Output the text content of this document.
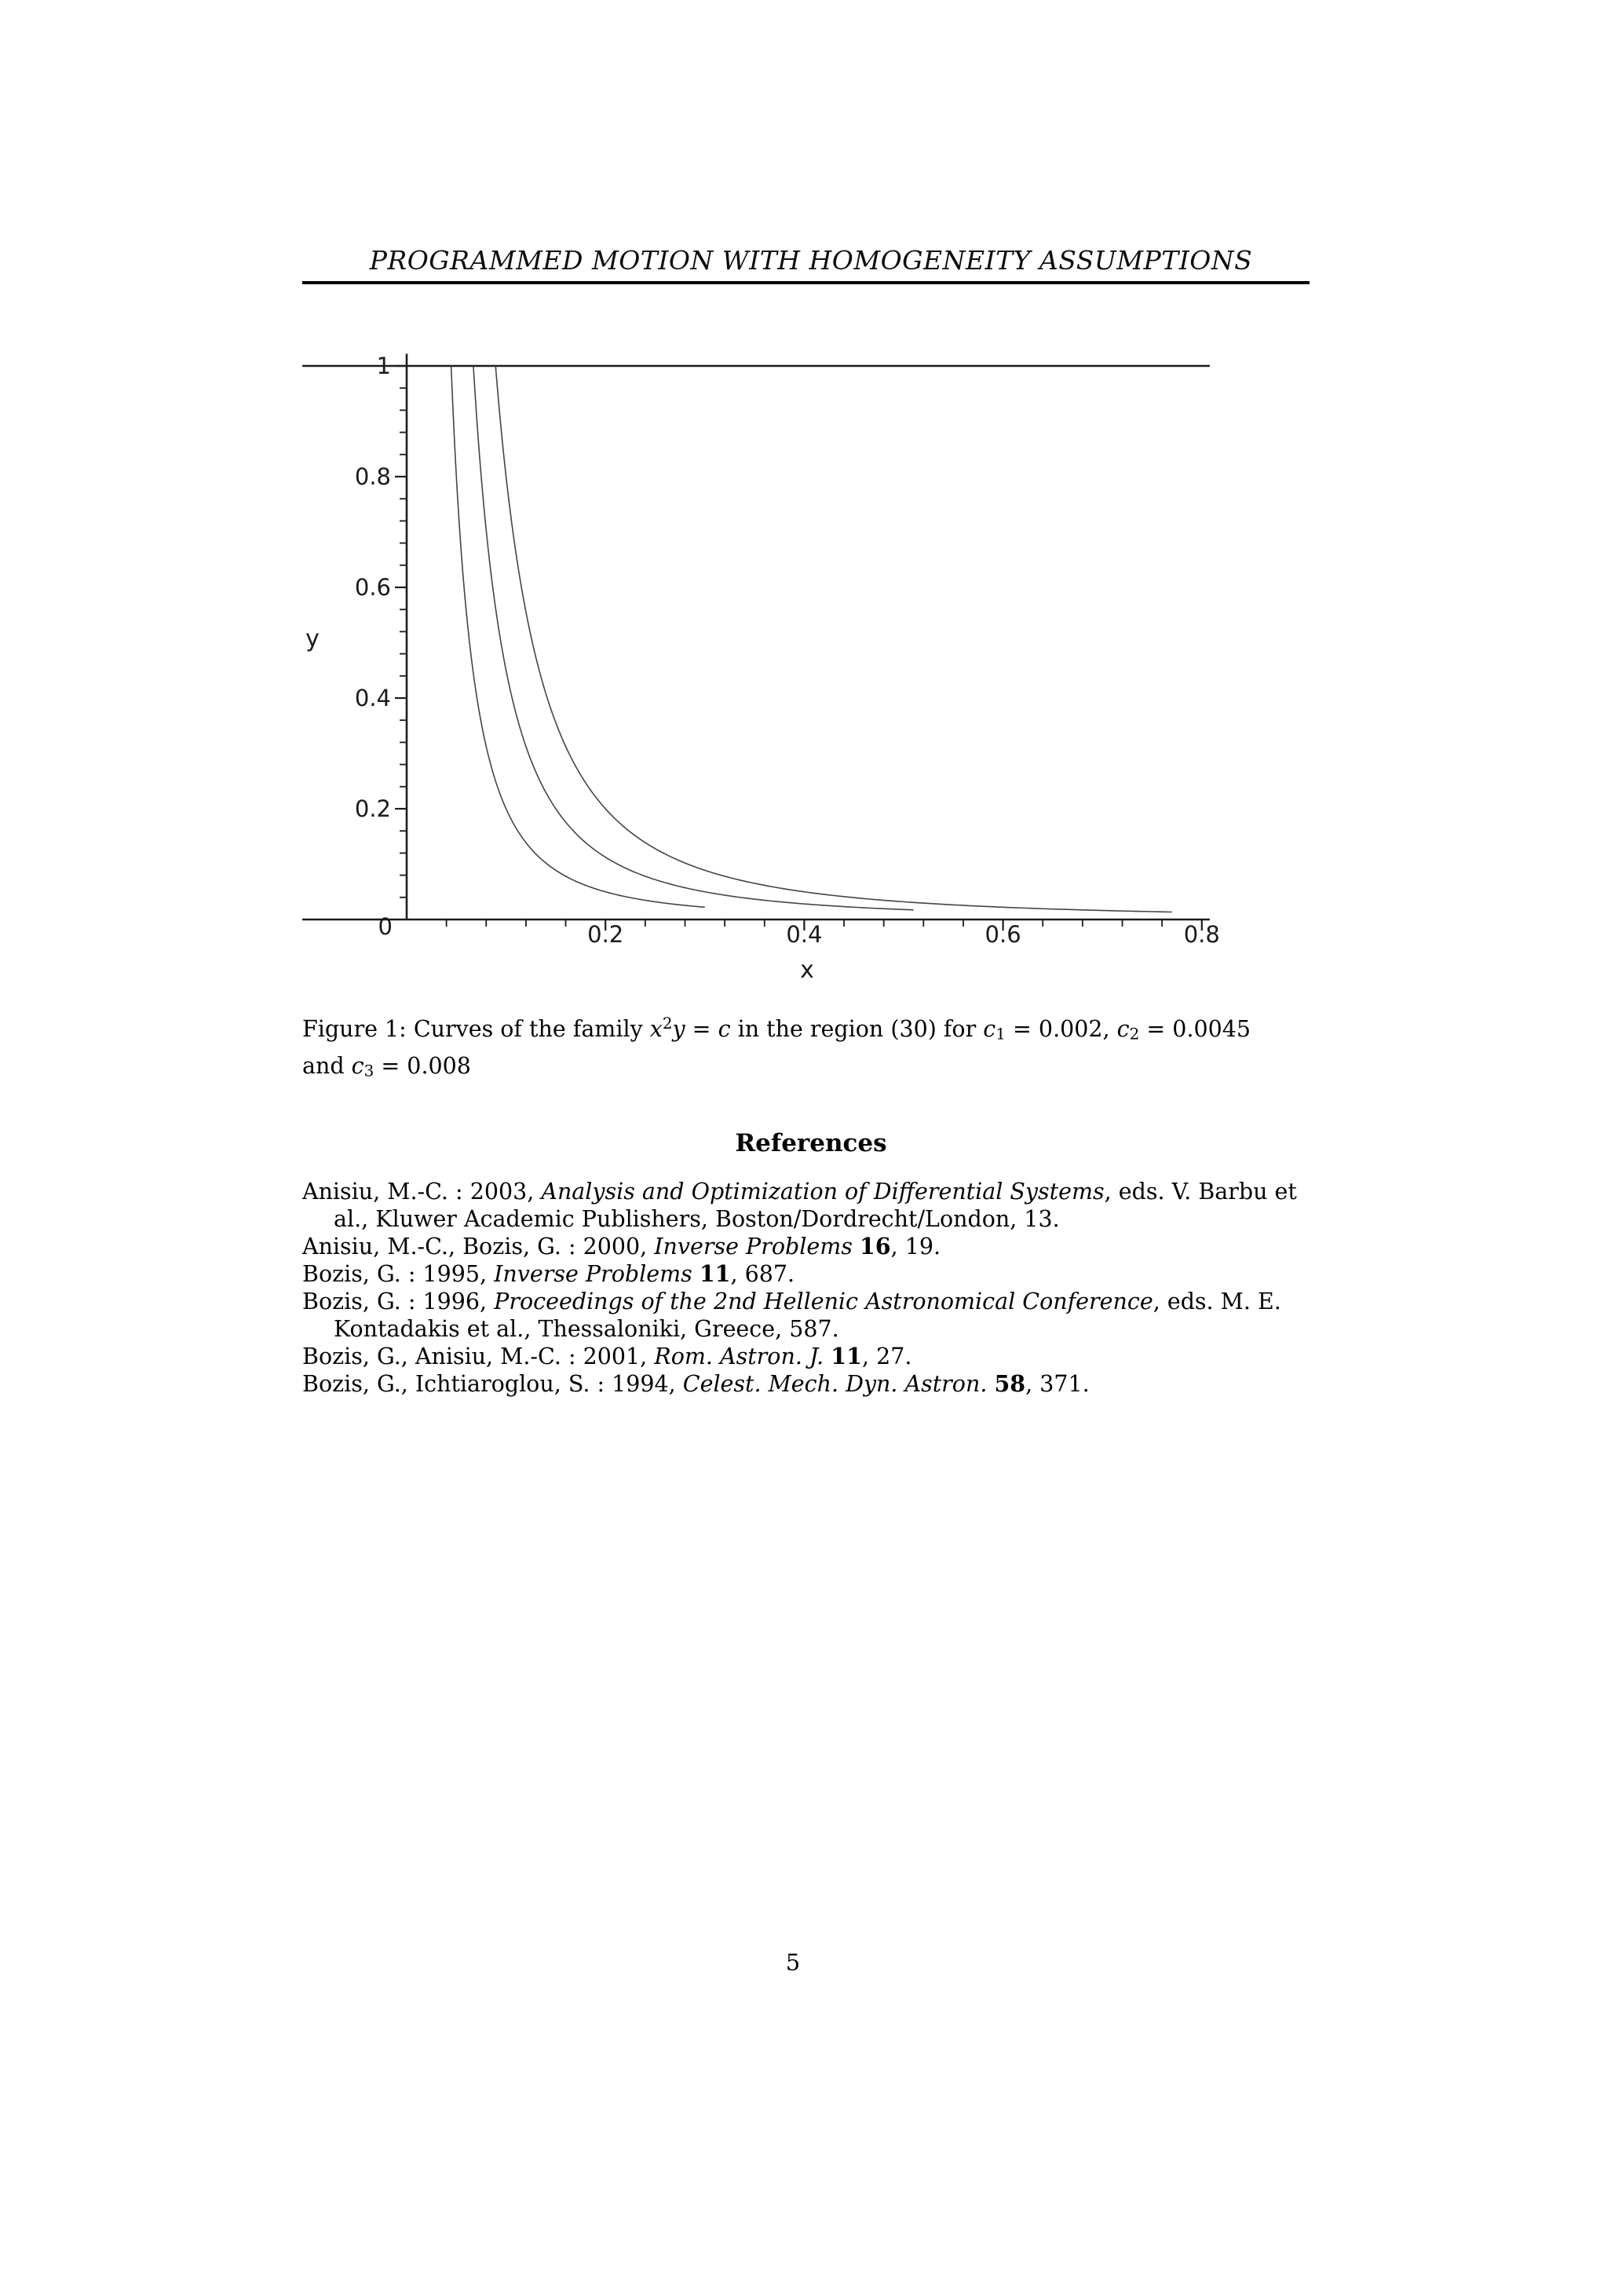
PROGRAMMED MOTION WITH HOMOGENEITY ASSUMPTIONS
0.2	0.4	0.6	0.8
0.2
0.4
0.6
0.8
1
0
x
y
Figure 1: Curves of the family $x^2y = c$ in the region (30) for c1 = 0.002, c2 = 0.0045
and c3 = 0.008
References
Anisiu, M.-C. : 2003, Analysis and Optimization of Differential Systems, eds. V. Barbu et al., Kluwer Academic Publishers, Boston/Dordrecht/London, 13.
Anisiu, M.-C., Bozis, G. : 2000, Inverse Problems 16, 19.
Bozis, G. : 1995, Inverse Problems 11, 687.
Bozis, G. : 1996, Proceedings of the 2nd Hellenic Astronomical Conference, eds. M. E. Kontadakis et al., Thessaloniki, Greece, 587.
Bozis, G., Anisiu, M.-C. : 2001, Rom. Astron. J. 11, 27.
Bozis, G., Ichtiaroglou, S. : 1994, Celest. Mech. Dyn. Astron. 58, 371.
5
